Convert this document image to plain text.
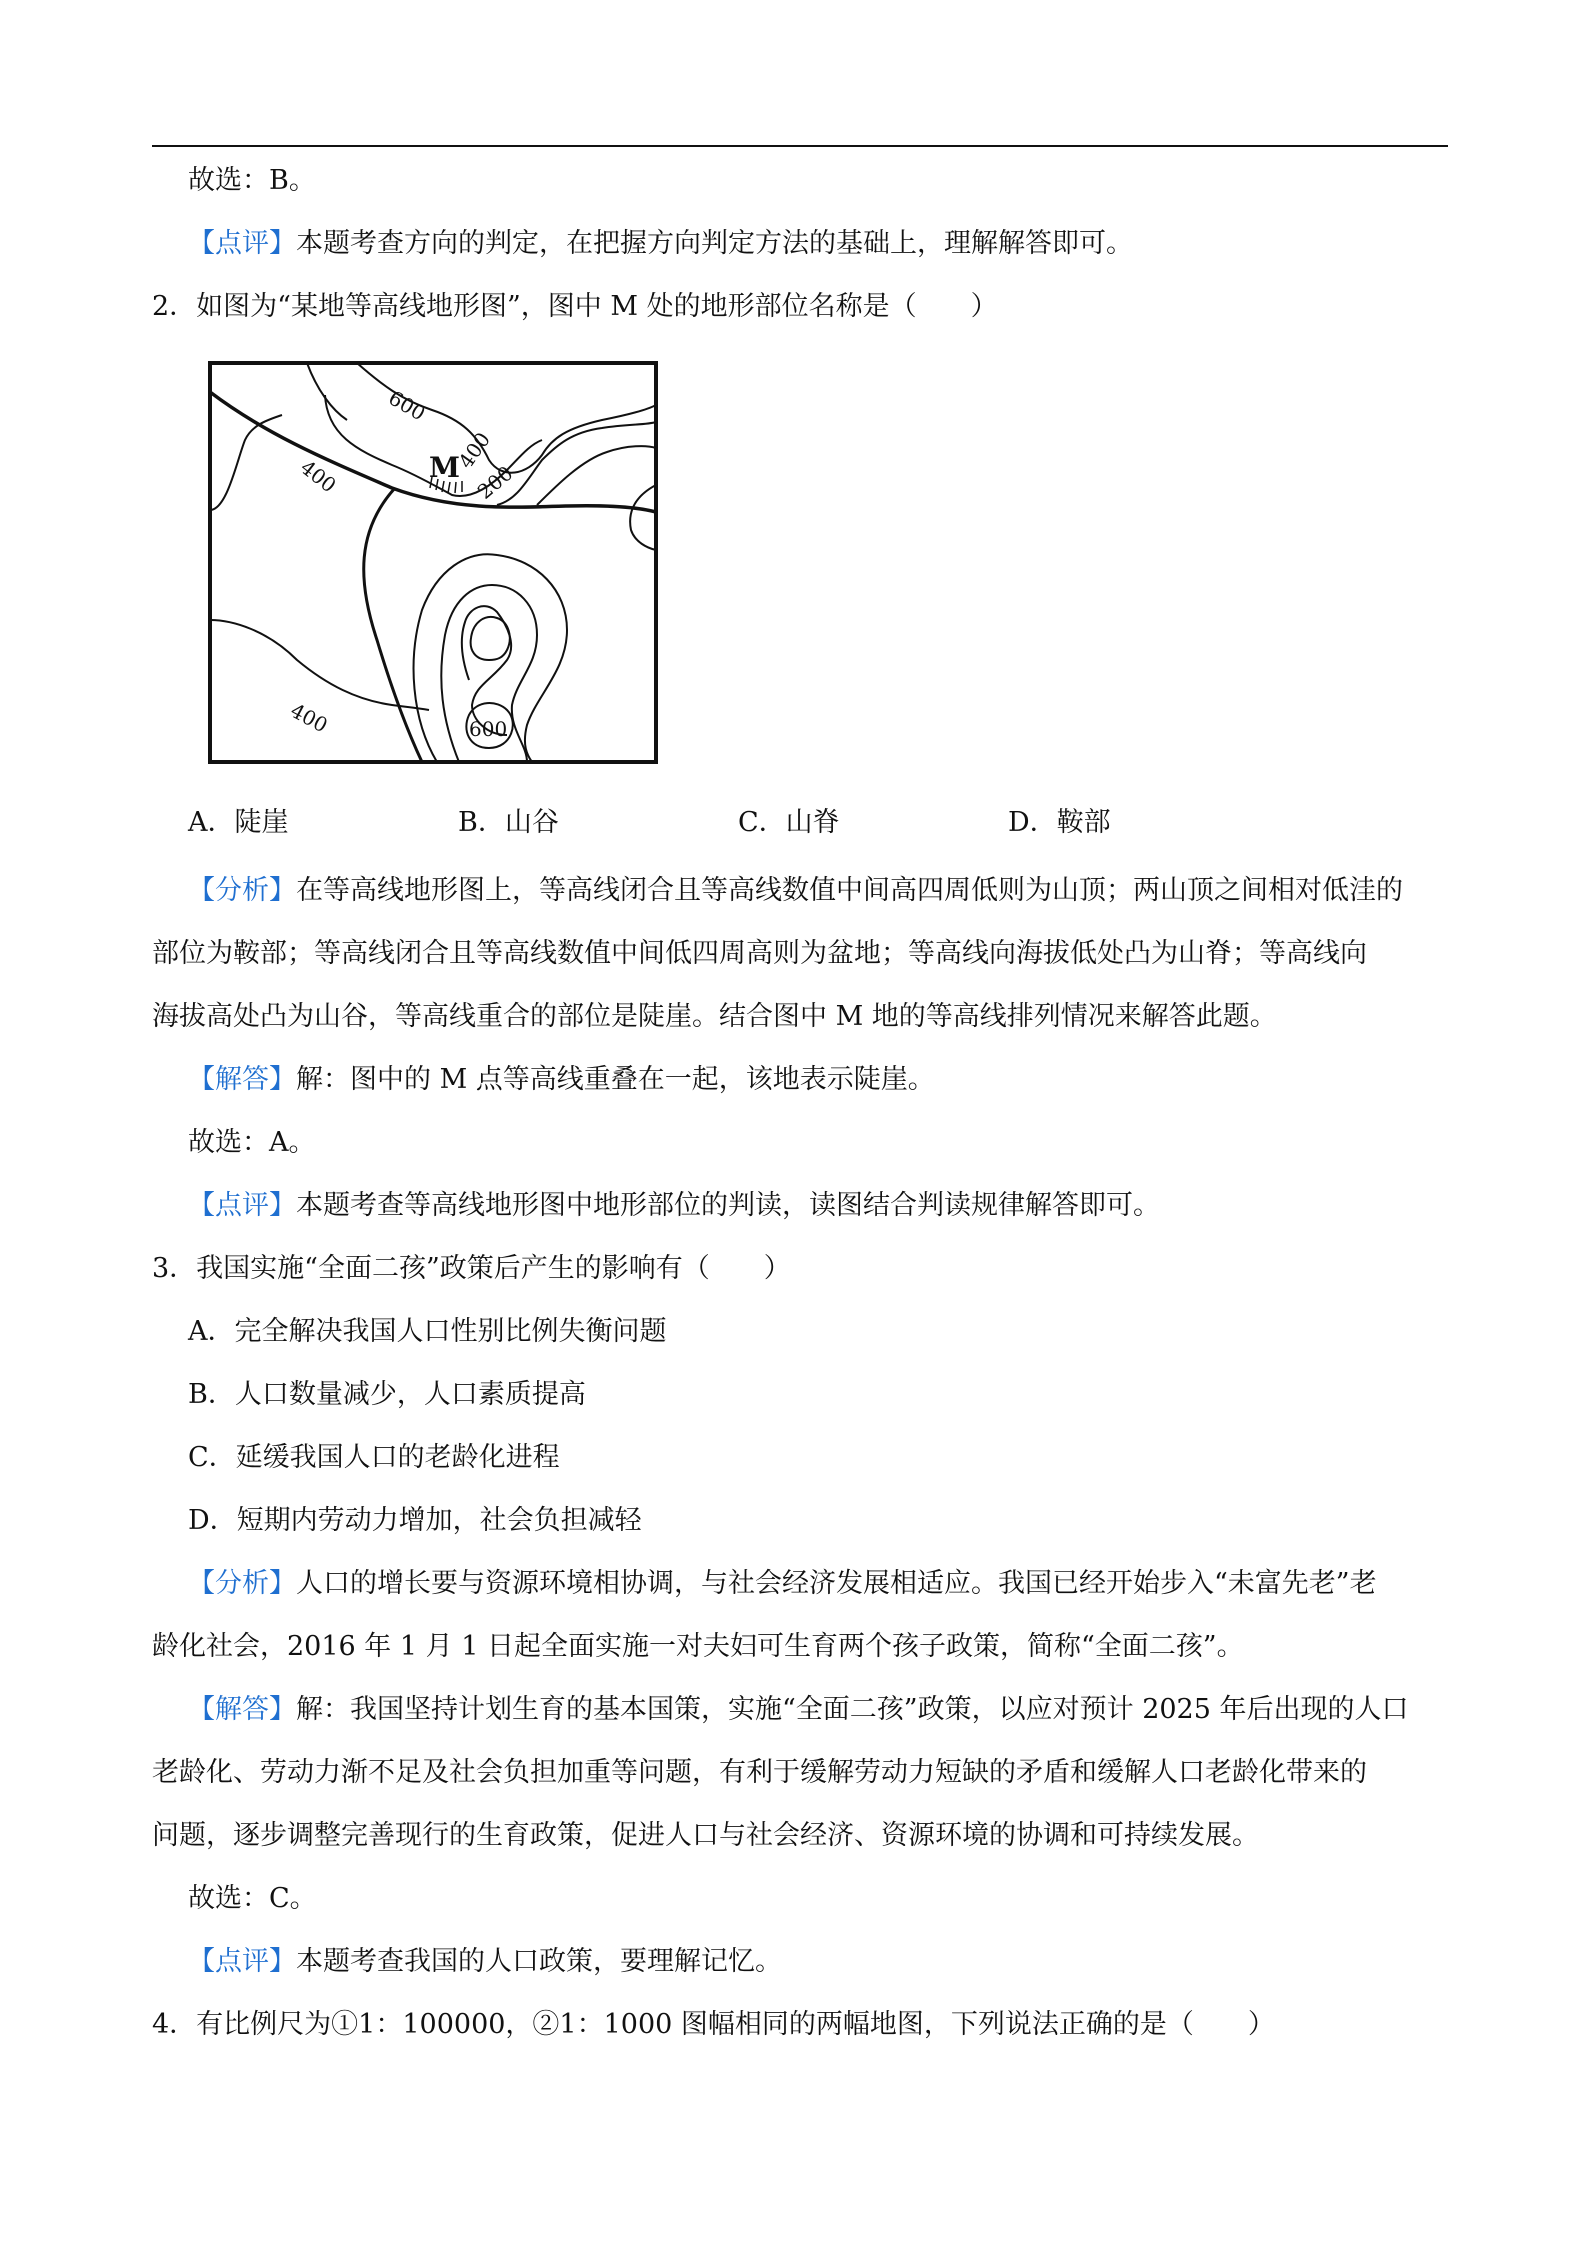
故选：B。
【点评】本题考查方向的判定，在把握方向判定方法的基础上，理解解答即可。
2．如图为“某地等高线地形图”，图中 M 处的地形部位名称是（　　）
600
400
400
200
M
400	600
A．陡崖	B．山谷	C．山脊	D．鞍部
【分析】在等高线地形图上，等高线闭合且等高线数值中间高四周低则为山顶；两山顶之间相对低洼的
部位为鞍部；等高线闭合且等高线数值中间低四周高则为盆地；等高线向海拔低处凸为山脊；等高线向
海拔高处凸为山谷，等高线重合的部位是陡崖。结合图中 M 地的等高线排列情况来解答此题。
【解答】解：图中的 M 点等高线重叠在一起，该地表示陡崖。
故选：A。
【点评】本题考查等高线地形图中地形部位的判读，读图结合判读规律解答即可。
3．我国实施“全面二孩”政策后产生的影响有（　　）
A．完全解决我国人口性别比例失衡问题
B．人口数量减少，人口素质提高
C．延缓我国人口的老龄化进程
D．短期内劳动力增加，社会负担减轻
【分析】人口的增长要与资源环境相协调，与社会经济发展相适应。我国已经开始步入“未富先老”老
龄化社会，2016 年 1 月 1 日起全面实施一对夫妇可生育两个孩子政策，简称“全面二孩”。
【解答】解：我国坚持计划生育的基本国策，实施“全面二孩”政策，以应对预计 2025 年后出现的人口
老龄化、劳动力渐不足及社会负担加重等问题，有利于缓解劳动力短缺的矛盾和缓解人口老龄化带来的
问题，逐步调整完善现行的生育政策，促进人口与社会经济、资源环境的协调和可持续发展。
故选：C。
【点评】本题考查我国的人口政策，要理解记忆。
4．有比例尺为①1：100000，②1：1000 图幅相同的两幅地图，下列说法正确的是（　　）
